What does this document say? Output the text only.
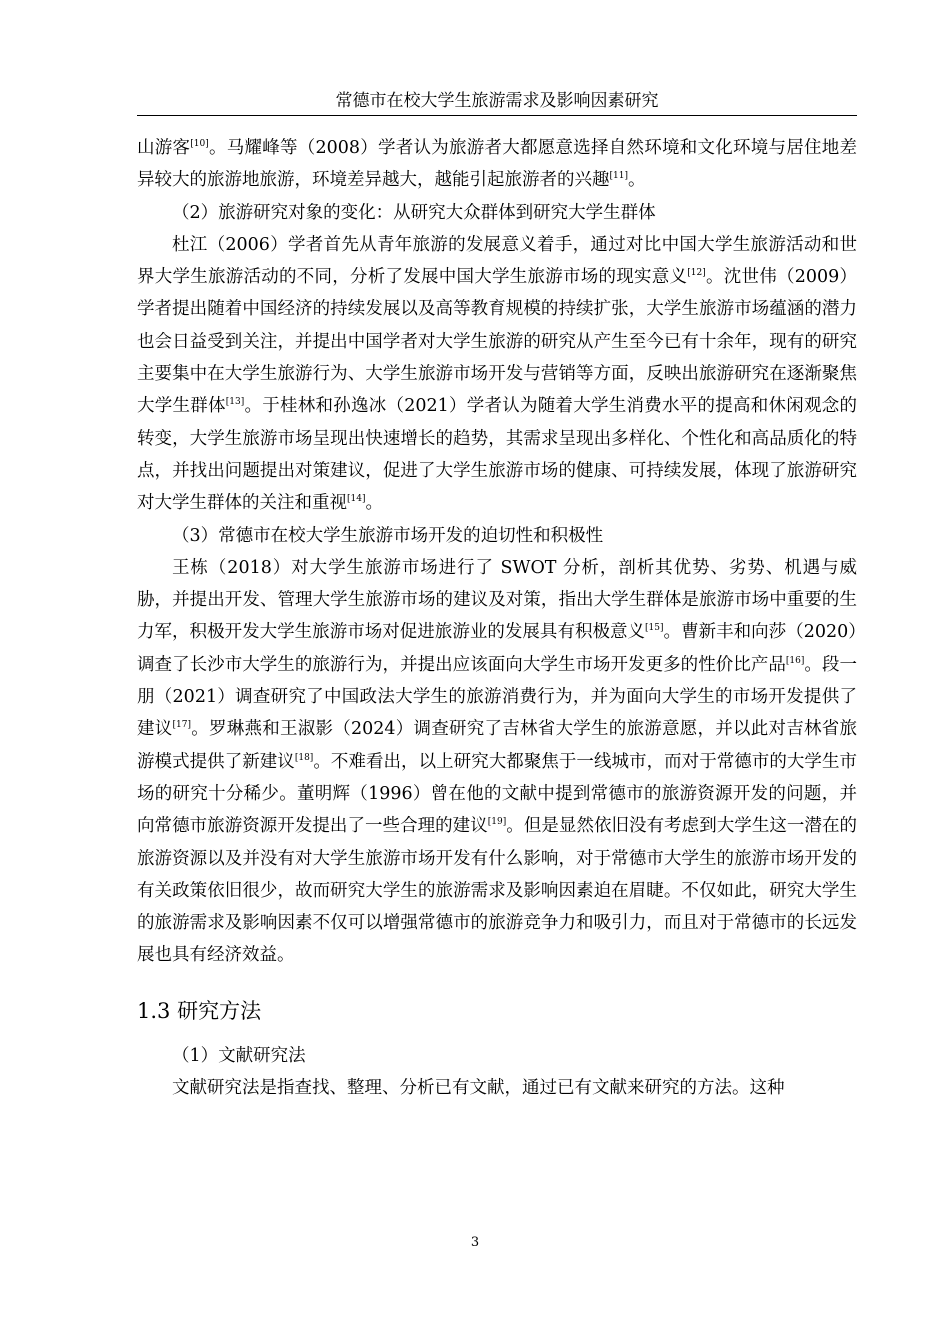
常德市在校大学生旅游需求及影响因素研究

山游客[10]。马耀峰等（2008）学者认为旅游者大都愿意选择自然环境和文化环境与居住地差异较大的旅游地旅游，环境差异越大，越能引起旅游者的兴趣[11]。

（2）旅游研究对象的变化：从研究大众群体到研究大学生群体

杜江（2006）学者首先从青年旅游的发展意义着手，通过对比中国大学生旅游活动和世界大学生旅游活动的不同，分析了发展中国大学生旅游市场的现实意义[12]。沈世伟（2009）学者提出随着中国经济的持续发展以及高等教育规模的持续扩张，大学生旅游市场蕴涵的潜力也会日益受到关注，并提出中国学者对大学生旅游的研究从产生至今已有十余年，现有的研究主要集中在大学生旅游行为、大学生旅游市场开发与营销等方面，反映出旅游研究在逐渐聚焦大学生群体[13]。于桂林和孙逸冰（2021）学者认为随着大学生消费水平的提高和休闲观念的转变，大学生旅游市场呈现出快速增长的趋势，其需求呈现出多样化、个性化和高品质化的特点，并找出问题提出对策建议，促进了大学生旅游市场的健康、可持续发展，体现了旅游研究对大学生群体的关注和重视[14]。

（3）常德市在校大学生旅游市场开发的迫切性和积极性

王栋（2018）对大学生旅游市场进行了 SWOT 分析，剖析其优势、劣势、机遇与威胁，并提出开发、管理大学生旅游市场的建议及对策，指出大学生群体是旅游市场中重要的生力军，积极开发大学生旅游市场对促进旅游业的发展具有积极意义[15]。曹新丰和向莎（2020）调查了长沙市大学生的旅游行为，并提出应该面向大学生市场开发更多的性价比产品[16]。段一朋（2021）调查研究了中国政法大学生的旅游消费行为，并为面向大学生的市场开发提供了建议[17]。罗琳燕和王淑影（2024）调查研究了吉林省大学生的旅游意愿，并以此对吉林省旅游模式提供了新建议[18]。不难看出，以上研究大都聚焦于一线城市，而对于常德市的大学生市场的研究十分稀少。董明辉（1996）曾在他的文献中提到常德市的旅游资源开发的问题，并向常德市旅游资源开发提出了一些合理的建议[19]。但是显然依旧没有考虑到大学生这一潜在的旅游资源以及并没有对大学生旅游市场开发有什么影响，对于常德市大学生的旅游市场开发的有关政策依旧很少，故而研究大学生的旅游需求及影响因素迫在眉睫。不仅如此，研究大学生的旅游需求及影响因素不仅可以增强常德市的旅游竞争力和吸引力，而且对于常德市的长远发展也具有经济效益。

1.3 研究方法

（1）文献研究法

文献研究法是指查找、整理、分析已有文献，通过已有文献来研究的方法。这种

3
